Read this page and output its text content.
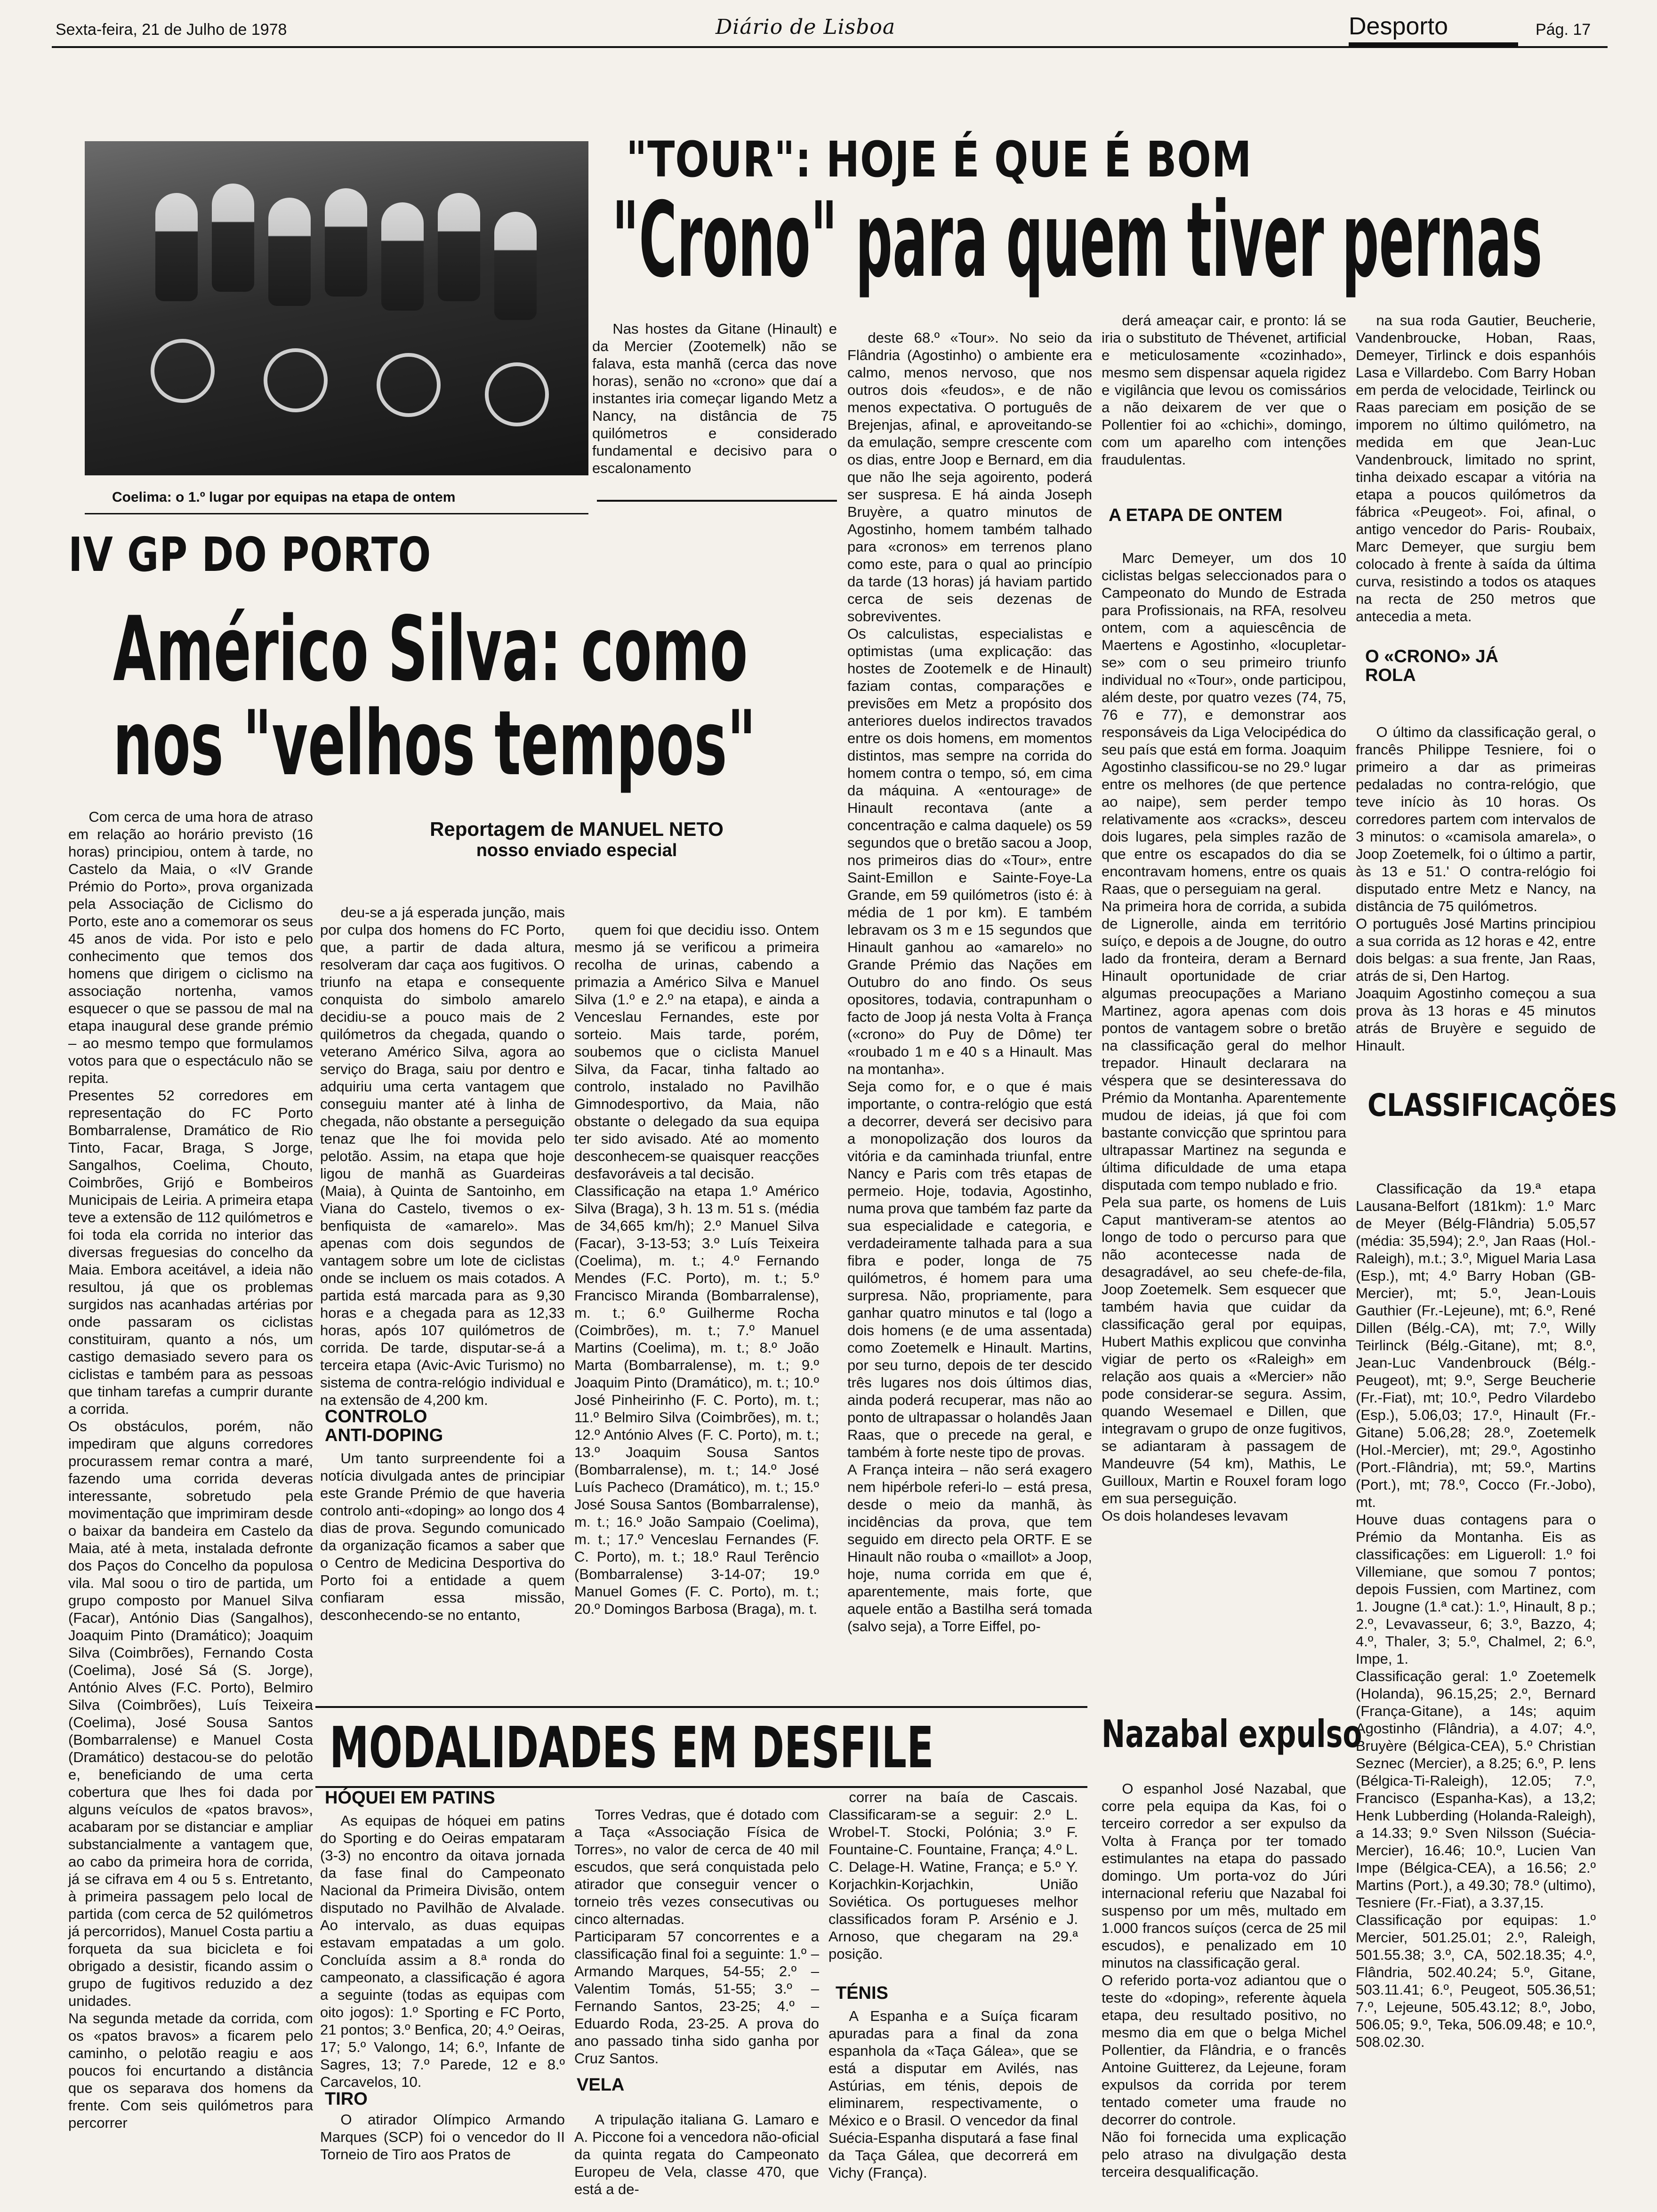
Sexta-feira, 21 de Julho de 1978	Diário de Lisboa	Desporto	Pág. 17
Coelima: o 1.º lugar por equipas na etapa de ontem
"TOUR": HOJE É QUE É BOM
"Crono" para quem tiver pernas

Nas hostes da Gitane (Hinault) e da Mercier (Zootemelk) não se falava, esta manhã (cerca das nove horas), senão no «crono» que daí a instantes iria começar ligando Metz a Nancy, na distância de 75 quilómetros e considerado fundamental e decisivo para o escalonamento

deste 68.º «Tour». No seio da Flândria (Agostinho) o ambiente era calmo, menos nervoso, que nos outros dois «feudos», e de não menos expectativa. O português de Brejenjas, afinal, e aproveitando-se da emulação, sempre crescente com os dias, entre Joop e Bernard, em dia que não lhe seja agoirento, poderá ser suspresa. E há ainda Joseph Bruyère, a quatro minutos de Agostinho, homem também talhado para «cronos» em terrenos plano como este, para o qual ao princípio da tarde (13 horas) já haviam partido cerca de seis dezenas de sobreviventes.
Os calculistas, especialistas e optimistas (uma explicação: das hostes de Zootemelk e de Hinault) faziam contas, comparações e previsões em Metz a propósito dos anteriores duelos indirectos travados entre os dois homens, em momentos distintos, mas sempre na corrida do homem contra o tempo, só, em cima da máquina. A «entourage» de Hinault recontava (ante a concentração e calma daquele) os 59 segundos que o bretão sacou a Joop, nos primeiros dias do «Tour», entre Saint-Emillon e Sainte-Foye-La Grande, em 59 quilómetros (isto é: à média de 1 por km). E também lebravam os 3 m e 15 segundos que Hinault ganhou ao «amarelo» no Grande Prémio das Nações em Outubro do ano findo. Os seus opositores, todavia, contrapunham o facto de Joop já nesta Volta à França («crono» do Puy de Dôme) ter «roubado 1 m e 40 s a Hinault. Mas na montanha».
Seja como for, e o que é mais importante, o contra-relógio que está a decorrer, deverá ser decisivo para a monopolização dos louros da vitória e da caminhada triunfal, entre Nancy e Paris com três etapas de permeio. Hoje, todavia, Agostinho, numa prova que também faz parte da sua especialidade e categoria, e verdadeiramente talhada para a sua fibra e poder, longa de 75 quilómetros, é homem para uma surpresa. Não, propriamente, para ganhar quatro minutos e tal (logo a dois homens (e de uma assentada) como Zoetemelk e Hinault. Martins, por seu turno, depois de ter descido três lugares nos dois últimos dias, ainda poderá recuperar, mas não ao ponto de ultrapassar o holandês Jaan Raas, que o precede na geral, e também à forte neste tipo de provas.
A França inteira – não será exagero nem hipérbole referi-lo – está presa, desde o meio da manhã, às incidências da prova, que tem seguido em directo pela ORTF. E se Hinault não rouba o «maillot» a Joop, hoje, numa corrida em que é, aparentemente, mais forte, que aquele então a Bastilha será tomada (salvo seja), a Torre Eiffel, po-

derá ameaçar cair, e pronto: lá se iria o substituto de Thévenet, artificial e meticulosamente «cozinhado», mesmo sem dispensar aquela rigidez e vigilância que levou os comissários a não deixarem de ver que o Pollentier foi ao «chichi», domingo, com um aparelho com intenções fraudulentas.

A ETAPA DE ONTEM

Marc Demeyer, um dos 10 ciclistas belgas seleccionados para o Campeonato do Mundo de Estrada para Profissionais, na RFA, resolveu ontem, com a aquiescência de Maertens e Agostinho, «locupletar-se» com o seu primeiro triunfo individual no «Tour», onde participou, além deste, por quatro vezes (74, 75, 76 e 77), e demonstrar aos responsáveis da Liga Velocipédica do seu país que está em forma. Joaquim Agostinho classificou-se no 29.º lugar entre os melhores (de que pertence ao naipe), sem perder tempo relativamente aos «cracks», desceu dois lugares, pela simples razão de que entre os escapados do dia se encontravam homens, entre os quais Raas, que o perseguiam na geral.
Na primeira hora de corrida, a subida de Lignerolle, ainda em território suíço, e depois a de Jougne, do outro lado da fronteira, deram a Bernard Hinault oportunidade de criar algumas preocupações a Mariano Martinez, agora apenas com dois pontos de vantagem sobre o bretão na classificação geral do melhor trepador. Hinault declarara na véspera que se desinteressava do Prémio da Montanha. Aparentemente mudou de ideias, já que foi com bastante convicção que sprintou para ultrapassar Martinez na segunda e última dificuldade de uma etapa disputada com tempo nublado e frio.
Pela sua parte, os homens de Luis Caput mantiveram-se atentos ao longo de todo o percurso para que não acontecesse nada de desagradável, ao seu chefe-de-fila, Joop Zoetemelk. Sem esquecer que também havia que cuidar da classificação geral por equipas, Hubert Mathis explicou que convinha vigiar de perto os «Raleigh» em relação aos quais a «Mercier» não pode considerar-se segura. Assim, quando Wesemael e Dillen, que integravam o grupo de onze fugitivos, se adiantaram à passagem de Mandeuvre (54 km), Mathis, Le Guilloux, Martin e Rouxel foram logo em sua perseguição.
Os dois holandeses levavam

na sua roda Gautier, Beucherie, Vandenbroucke, Hoban, Raas, Demeyer, Tirlinck e dois espanhóis Lasa e Villardebo. Com Barry Hoban em perda de velocidade, Teirlinck ou Raas pareciam em posição de se imporem no último quilómetro, na medida em que Jean-Luc Vandenbrouck, limitado no sprint, tinha deixado escapar a vitória na etapa a poucos quilómetros da fábrica «Peugeot». Foi, afinal, o antigo vencedor do Paris- Roubaix, Marc Demeyer, que surgiu bem colocado à frente à saída da última curva, resistindo a todos os ataques na recta de 250 metros que antecedia a meta.

O «CRONO» JÁ ROLA

O último da classificação geral, o francês Philippe Tesniere, foi o primeiro a dar as primeiras pedaladas no contra-relógio, que teve início às 10 horas. Os corredores partem com intervalos de 3 minutos: o «camisola amarela», o Joop Zoetemelk, foi o último a partir, às 13 e 51.' O contra-relógio foi disputado entre Metz e Nancy, na distância de 75 quilómetros.
O português José Martins principiou a sua corrida as 12 horas e 42, entre dois belgas: a sua frente, Jan Raas, atrás de si, Den Hartog.
Joaquim Agostinho começou a sua prova às 13 horas e 45 minutos atrás de Bruyère e seguido de Hinault.

CLASSIFICAÇÕES

Classificação da 19.ª etapa Lausana-Belfort (181km): 1.º Marc de Meyer (Bélg-Flândria) 5.05,57 (média: 35,594); 2.º, Jan Raas (Hol.-Raleigh), m.t.; 3.º, Miguel Maria Lasa (Esp.), mt; 4.º Barry Hoban (GB-Mercier), mt; 5.º, Jean-Louis Gauthier (Fr.-Lejeune), mt; 6.º, René Dillen (Bélg.-CA), mt; 7.º, Willy Teirlinck (Bélg.-Gitane), mt; 8.º, Jean-Luc Vandenbrouck (Bélg.-Peugeot), mt; 9.º, Serge Beucherie (Fr.-Fiat), mt; 10.º, Pedro Vilardebo (Esp.), 5.06,03; 17.º, Hinault (Fr.-Gitane) 5.06,28; 28.º, Zoetemelk (Hol.-Mercier), mt; 29.º, Agostinho (Port.-Flândria), mt; 59.º, Martins (Port.), mt; 78.º, Cocco (Fr.-Jobo), mt.
Houve duas contagens para o Prémio da Montanha. Eis as classificações: em Ligueroll: 1.º foi Villemiane, que somou 7 pontos; depois Fussien, com Martinez, com 1. Jougne (1.ª cat.): 1.º, Hinault, 8 p.; 2.º, Levavasseur, 6; 3.º, Bazzo, 4; 4.º, Thaler, 3; 5.º, Chalmel, 2; 6.º, Impe, 1.
Classificação geral: 1.º Zoetemelk (Holanda), 96.15,25; 2.º, Bernard (França-Gitane), a 14s; aquim Agostinho (Flândria), a 4.07; 4.º, Bruyère (Bélgica-CEA), 5.º Christian Seznec (Mercier), a 8.25; 6.º, P. lens (Bélgica-Ti-Raleigh), 12.05; 7.º, Francisco (Espanha-Kas), a 13,2; Henk Lubberding (Holanda-Raleigh), a 14.33; 9.º Sven Nilsson (Suécia-Mercier), 16.46; 10.º, Lucien Van Impe (Bélgica-CEA), a 16.56; 2.º Martins (Port.), a 49.30; 78.º (ultimo), Tesniere (Fr.-Fiat), a 3.37,15.
Classificação por equipas: 1.º Mercier, 501.25.01; 2.º, Raleigh, 501.55.38; 3.º, CA, 502.18.35; 4.º, Flândria, 502.40.24; 5.º, Gitane, 503.11.41; 6.º, Peugeot, 505.36,51; 7.º, Lejeune, 505.43.12; 8.º, Jobo, 506.05; 9.º, Teka, 506.09.48; e 10.º, 508.02.30.

IV GP DO PORTO
Américo Silva: como
nos "velhos tempos"
Reportagem de MANUEL NETO
nosso enviado especial

Com cerca de uma hora de atraso em relação ao horário previsto (16 horas) principiou, ontem à tarde, no Castelo da Maia, o «IV Grande Prémio do Porto», prova organizada pela Associação de Ciclismo do Porto, este ano a comemorar os seus 45 anos de vida. Por isto e pelo conhecimento que temos dos homens que dirigem o ciclismo na associação nortenha, vamos esquecer o que se passou de mal na etapa inaugural dese grande prémio – ao mesmo tempo que formulamos votos para que o espectáculo não se repita.
Presentes 52 corredores em representação do FC Porto Bombarralense, Dramático de Rio Tinto, Facar, Braga, S Jorge, Sangalhos, Coelima, Chouto, Coimbrões, Grijó e Bombeiros Municipais de Leiria. A primeira etapa teve a extensão de 112 quilómetros e foi toda ela corrida no interior das diversas freguesias do concelho da Maia. Embora aceitável, a ideia não resultou, já que os problemas surgidos nas acanhadas artérias por onde passaram os ciclistas constituiram, quanto a nós, um castigo demasiado severo para os ciclistas e também para as pessoas que tinham tarefas a cumprir durante a corrida.
Os obstáculos, porém, não impediram que alguns corredores procurassem remar contra a maré, fazendo uma corrida deveras interessante, sobretudo pela movimentação que imprimiram desde o baixar da bandeira em Castelo da Maia, até à meta, instalada defronte dos Paços do Concelho da populosa vila. Mal soou o tiro de partida, um grupo composto por Manuel Silva (Facar), António Dias (Sangalhos), Joaquim Pinto (Dramático); Joaquim Silva (Coimbrões), Fernando Costa (Coelima), José Sá (S. Jorge), António Alves (F.C. Porto), Belmiro Silva (Coimbrões), Luís Teixeira (Coelima), José Sousa Santos (Bombarralense) e Manuel Costa (Dramático) destacou-se do pelotão e, beneficiando de uma certa cobertura que lhes foi dada por alguns veículos de «patos bravos», acabaram por se distanciar e ampliar substancialmente a vantagem que, ao cabo da primeira hora de corrida, já se cifrava em 4 ou 5 s. Entretanto, à primeira passagem pelo local de partida (com cerca de 52 quilómetros já percorridos), Manuel Costa partiu a forqueta da sua bicicleta e foi obrigado a desistir, ficando assim o grupo de fugitivos reduzido a dez unidades.
Na segunda metade da corrida, com os «patos bravos» a ficarem pelo caminho, o pelotão reagiu e aos poucos foi encurtando a distância que os separava dos homens da frente. Com seis quilómetros para percorrer

deu-se a já esperada junção, mais por culpa dos homens do FC Porto, que, a partir de dada altura, resolveram dar caça aos fugitivos. O triunfo na etapa e consequente conquista do simbolo amarelo decidiu-se a pouco mais de 2 quilómetros da chegada, quando o veterano Américo Silva, agora ao serviço do Braga, saiu por dentro e adquiriu uma certa vantagem que conseguiu manter até à linha de chegada, não obstante a perseguição tenaz que lhe foi movida pelo pelotão. Assim, na etapa que hoje ligou de manhã as Guardeiras (Maia), à Quinta de Santoinho, em Viana do Castelo, tivemos o ex-benfiquista de «amarelo». Mas apenas com dois segundos de vantagem sobre um lote de ciclistas onde se incluem os mais cotados. A partida está marcada para as 9,30 horas e a chegada para as 12,33 horas, após 107 quilómetros de corrida. De tarde, disputar-se-á a terceira etapa (Avic-Avic Turismo) no sistema de contra-relógio individual e na extensão de 4,200 km.

CONTROLO ANTI-DOPING

Um tanto surpreendente foi a notícia divulgada antes de principiar este Grande Prémio de que haveria controlo anti-«doping» ao longo dos 4 dias de prova. Segundo comunicado da organização ficamos a saber que o Centro de Medicina Desportiva do Porto foi a entidade a quem confiaram essa missão, desconhecendo-se no entanto,

quem foi que decidiu isso. Ontem mesmo já se verificou a primeira recolha de urinas, cabendo a primazia a Américo Silva e Manuel Silva (1.º e 2.º na etapa), e ainda a Venceslau Fernandes, este por sorteio. Mais tarde, porém, soubemos que o ciclista Manuel Silva, da Facar, tinha faltado ao controlo, instalado no Pavilhão Gimnodesportivo, da Maia, não obstante o delegado da sua equipa ter sido avisado. Até ao momento desconhecem-se quaisquer reacções desfavoráveis a tal decisão.
Classificação na etapa 1.º Américo Silva (Braga), 3 h. 13 m. 51 s. (média de 34,665 km/h); 2.º Manuel Silva (Facar), 3-13-53; 3.º Luís Teixeira (Coelima), m. t.; 4.º Fernando Mendes (F.C. Porto), m. t.; 5.º Francisco Miranda (Bombarralense), m. t.; 6.º Guilherme Rocha (Coimbrões), m. t.; 7.º Manuel Martins (Coelima), m. t.; 8.º João Marta (Bombarralense), m. t.; 9.º Joaquim Pinto (Dramático), m. t.; 10.º José Pinheirinho (F. C. Porto), m. t.; 11.º Belmiro Silva (Coimbrões), m. t.; 12.º António Alves (F. C. Porto), m. t.; 13.º Joaquim Sousa Santos (Bombarralense), m. t.; 14.º José Luís Pacheco (Dramático), m. t.; 15.º José Sousa Santos (Bombarralense), m. t.; 16.º João Sampaio (Coelima), m. t.; 17.º Venceslau Fernandes (F. C. Porto), m. t.; 18.º Raul Terêncio (Bombarralense) 3-14-07; 19.º Manuel Gomes (F. C. Porto), m. t.; 20.º Domingos Barbosa (Braga), m. t.

MODALIDADES EM DESFILE
HÓQUEI EM PATINS

As equipas de hóquei em patins do Sporting e do Oeiras empataram (3-3) no encontro da oitava jornada da fase final do Campeonato Nacional da Primeira Divisão, ontem disputado no Pavilhão de Alvalade. Ao intervalo, as duas equipas estavam empatadas a um golo. Concluída assim a 8.ª ronda do campeonato, a classificação é agora a seguinte (todas as equipas com oito jogos): 1.º Sporting e FC Porto, 21 pontos; 3.º Benfica, 20; 4.º Oeiras, 17; 5.º Valongo, 14; 6.º, Infante de Sagres, 13; 7.º Parede, 12 e 8.º Carcavelos, 10.

TIRO

O atirador Olímpico Armando Marques (SCP) foi o vencedor do II Torneio de Tiro aos Pratos de

Torres Vedras, que é dotado com a Taça «Associação Física de Torres», no valor de cerca de 40 mil escudos, que será conquistada pelo atirador que conseguir vencer o torneio três vezes consecutivas ou cinco alternadas.
Participaram 57 concorrentes e a classificação final foi a seguinte: 1.º – Armando Marques, 54-55; 2.º – Valentim Tomás, 51-55; 3.º – Fernando Santos, 23-25; 4.º – Eduardo Roda, 23-25. A prova do ano passado tinha sido ganha por Cruz Santos.

VELA

A tripulação italiana G. Lamaro e A. Piccone foi a vencedora não-oficial da quinta regata do Campeonato Europeu de Vela, classe 470, que está a de-

correr na baía de Cascais. Classificaram-se a seguir: 2.º L. Wrobel-T. Stocki, Polónia; 3.º F. Fountaine-C. Fountaine, França; 4.º L. C. Delage-H. Watine, França; e 5.º Y. Korjachkin-Korjachkin, União Soviética. Os portugueses melhor classificados foram P. Arsénio e J. Arnoso, que chegaram na 29.ª posição.

TÉNIS

A Espanha e a Suíça ficaram apuradas para a final da zona espanhola da «Taça Gálea», que se está a disputar em Avilés, nas Astúrias, em ténis, depois de eliminarem, respectivamente, o México e o Brasil. O vencedor da final Suécia-Espanha disputará a fase final da Taça Gálea, que decorrerá em Vichy (França).

Nazabal expulso

O espanhol José Nazabal, que corre pela equipa da Kas, foi o terceiro corredor a ser expulso da Volta à França por ter tomado estimulantes na etapa do passado domingo. Um porta-voz do Júri internacional referiu que Nazabal foi suspenso por um mês, multado em 1.000 francos suíços (cerca de 25 mil escudos), e penalizado em 10 minutos na classificação geral.
O referido porta-voz adiantou que o teste do «doping», referente àquela etapa, deu resultado positivo, no mesmo dia em que o belga Michel Pollentier, da Flândria, e o francês Antoine Guitterez, da Lejeune, foram expulsos da corrida por terem tentado cometer uma fraude no decorrer do controle.
Não foi fornecida uma explicação pelo atraso na divulgação desta terceira desqualificação.
